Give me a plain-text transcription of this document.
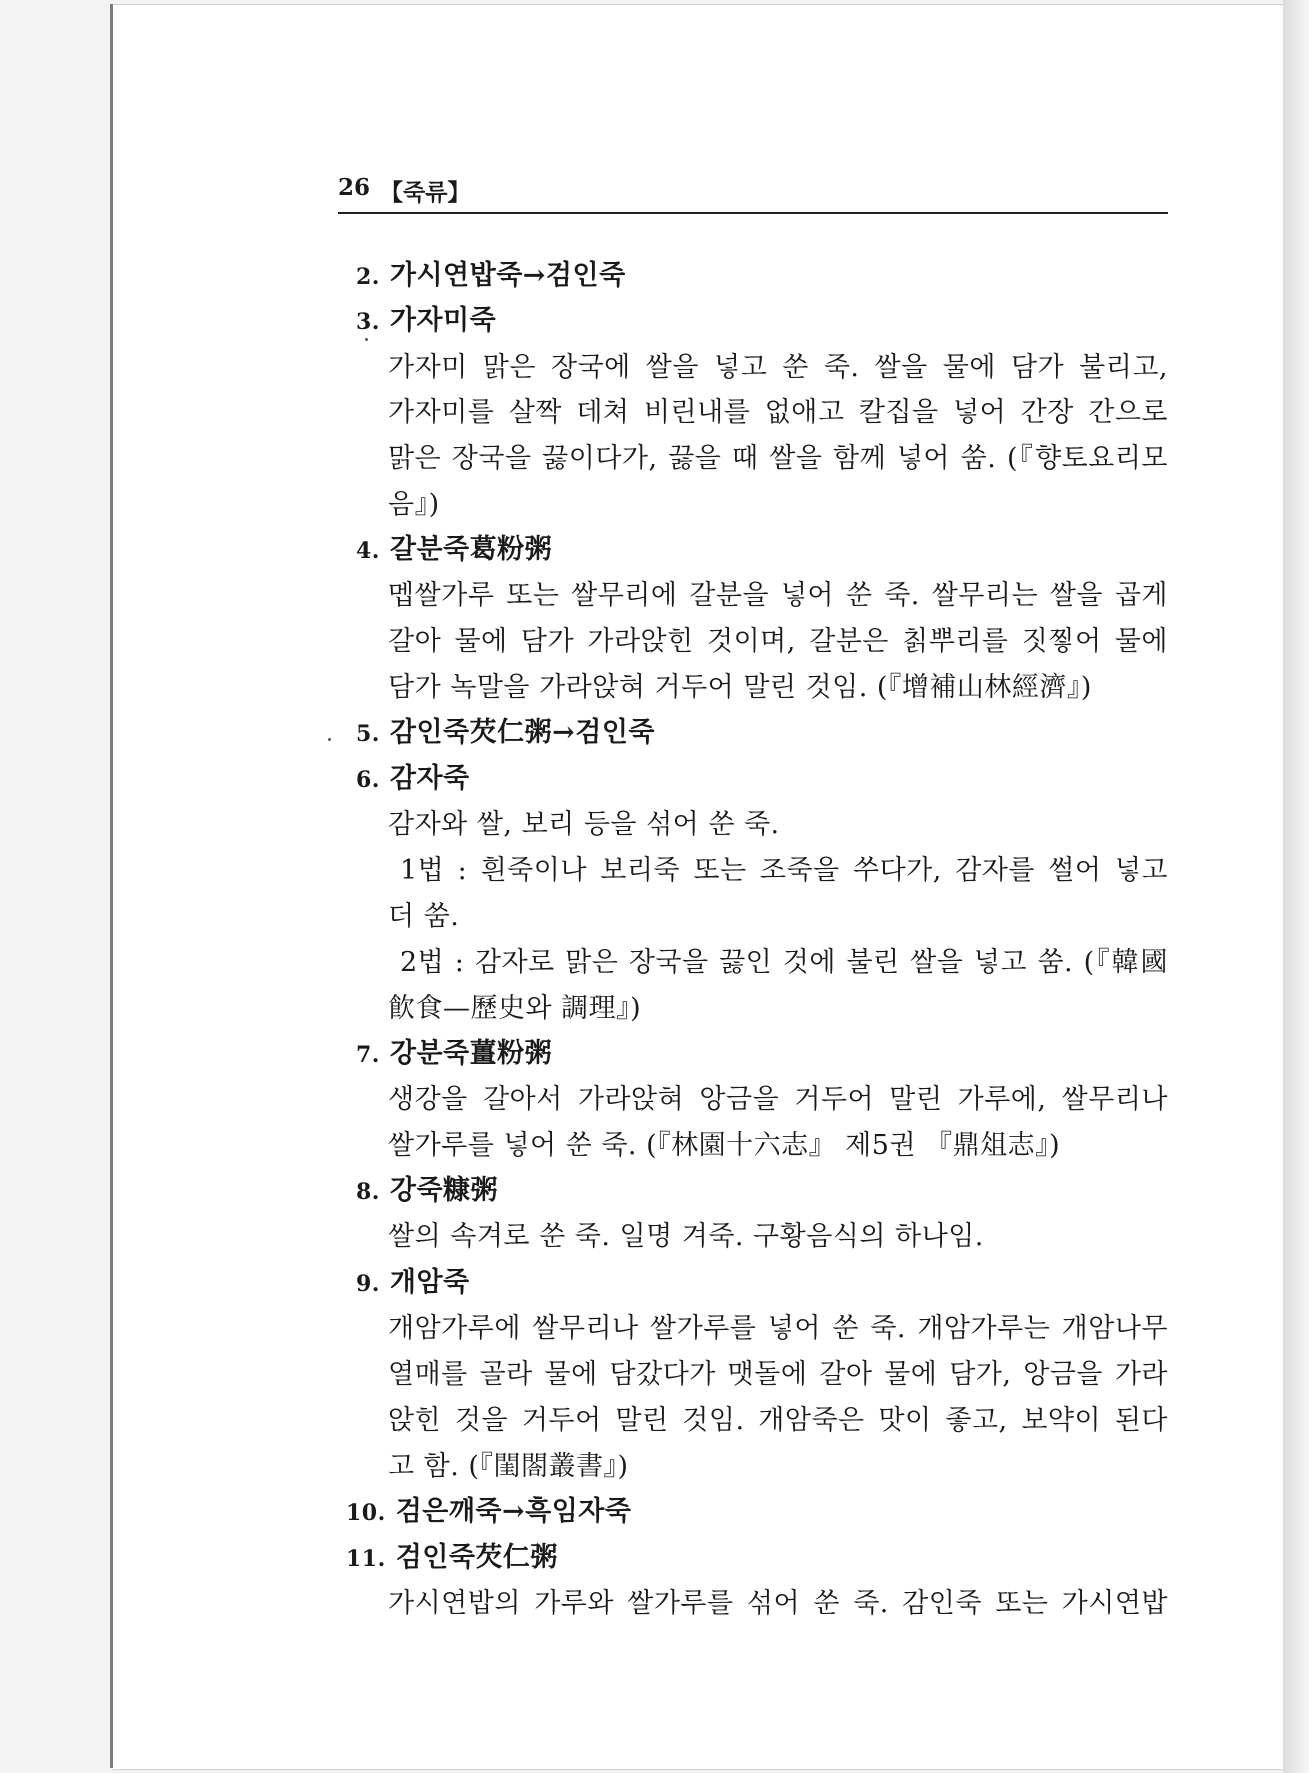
26 【죽류】
2. 가시연밥죽→검인죽
3. 가자미죽
가자미 맑은 장국에 쌀을 넣고 쑨 죽. 쌀을 물에 담가 불리고,
가자미를 살짝 데쳐 비린내를 없애고 칼집을 넣어 간장 간으로
맑은 장국을 끓이다가, 끓을 때 쌀을 함께 넣어 쑴. (『향토요리모
음』)
4. 갈분죽葛粉粥
멥쌀가루 또는 쌀무리에 갈분을 넣어 쑨 죽. 쌀무리는 쌀을 곱게
갈아 물에 담가 가라앉힌 것이며, 갈분은 칡뿌리를 짓찧어 물에
담가 녹말을 가라앉혀 거두어 말린 것임. (『增補山林經濟』)
5. 감인죽芡仁粥→검인죽
6. 감자죽
감자와 쌀, 보리 등을 섞어 쑨 죽.
1법 : 흰죽이나 보리죽 또는 조죽을 쑤다가, 감자를 썰어 넣고
더 쑴.
2법 : 감자로 맑은 장국을 끓인 것에 불린 쌀을 넣고 쑴. (『韓國
飮食—歷史와 調理』)
7. 강분죽薑粉粥
생강을 갈아서 가라앉혀 앙금을 거두어 말린 가루에, 쌀무리나
쌀가루를 넣어 쑨 죽. (『林園十六志』 제5권 『鼎俎志』)
8. 강죽糠粥
쌀의 속겨로 쑨 죽. 일명 겨죽. 구황음식의 하나임.
9. 개암죽
개암가루에 쌀무리나 쌀가루를 넣어 쑨 죽. 개암가루는 개암나무
열매를 골라 물에 담갔다가 맷돌에 갈아 물에 담가, 앙금을 가라
앉힌 것을 거두어 말린 것임. 개암죽은 맛이 좋고, 보약이 된다
고 함. (『閨閤叢書』)
10. 검은깨죽→흑임자죽
11. 검인죽芡仁粥
가시연밥의 가루와 쌀가루를 섞어 쑨 죽. 감인죽 또는 가시연밥
